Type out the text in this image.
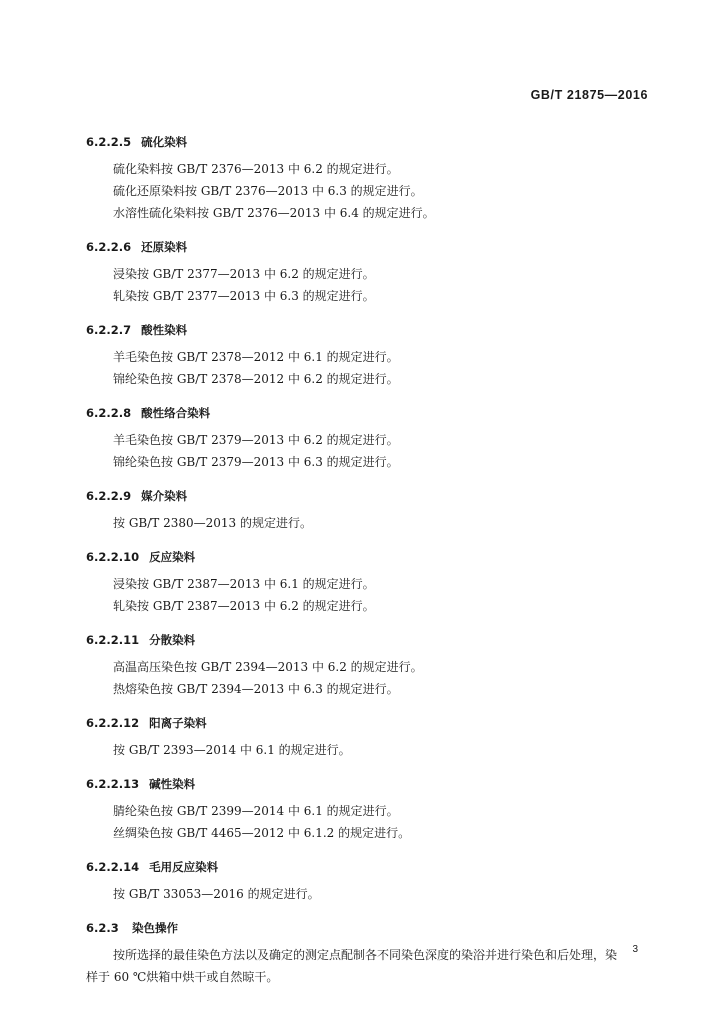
GB/T 21875—2016
6.2.2.5 硫化染料
硫化染料按 GB/T 2376—2013 中 6.2 的规定进行。
硫化还原染料按 GB/T 2376—2013 中 6.3 的规定进行。
水溶性硫化染料按 GB/T 2376—2013 中 6.4 的规定进行。
6.2.2.6 还原染料
浸染按 GB/T 2377—2013 中 6.2 的规定进行。
轧染按 GB/T 2377—2013 中 6.3 的规定进行。
6.2.2.7 酸性染料
羊毛染色按 GB/T 2378—2012 中 6.1 的规定进行。
锦纶染色按 GB/T 2378—2012 中 6.2 的规定进行。
6.2.2.8 酸性络合染料
羊毛染色按 GB/T 2379—2013 中 6.2 的规定进行。
锦纶染色按 GB/T 2379—2013 中 6.3 的规定进行。
6.2.2.9 媒介染料
按 GB/T 2380—2013 的规定进行。
6.2.2.10 反应染料
浸染按 GB/T 2387—2013 中 6.1 的规定进行。
轧染按 GB/T 2387—2013 中 6.2 的规定进行。
6.2.2.11 分散染料
高温高压染色按 GB/T 2394—2013 中 6.2 的规定进行。
热熔染色按 GB/T 2394—2013 中 6.3 的规定进行。
6.2.2.12 阳离子染料
按 GB/T 2393—2014 中 6.1 的规定进行。
6.2.2.13 碱性染料
腈纶染色按 GB/T 2399—2014 中 6.1 的规定进行。
丝绸染色按 GB/T 4465—2012 中 6.1.2 的规定进行。
6.2.2.14 毛用反应染料
按 GB/T 33053—2016 的规定进行。
6.2.3 染色操作
按所选择的最佳染色方法以及确定的测定点配制各不同染色深度的染浴并进行染色和后处理，染
样于 60 ℃烘箱中烘干或自然晾干。
3
